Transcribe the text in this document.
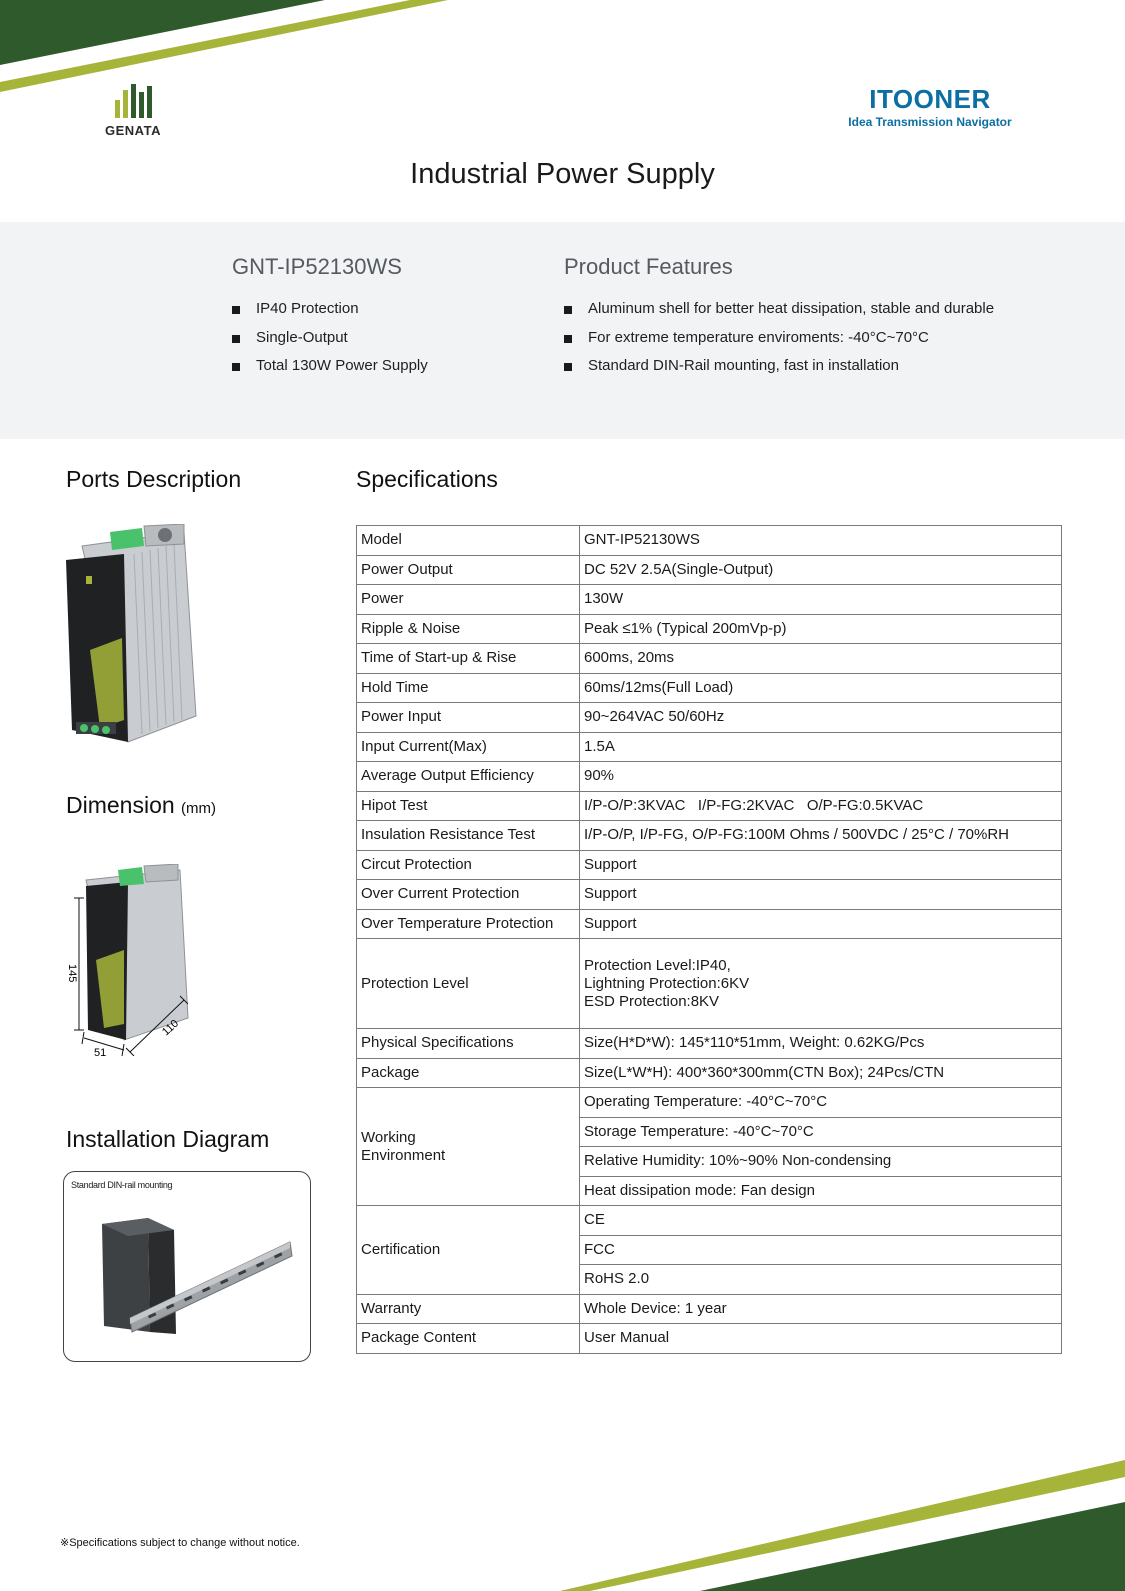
GENATA
ITOONER
Idea Transmission Navigator
Industrial Power Supply
GNT-IP52130WS
IP40 Protection
Single-Output
Total 130W Power Supply
Product Features
Aluminum shell for better heat dissipation, stable and durable
For extreme temperature enviroments: -40°C~70°C
Standard DIN-Rail mounting, fast in installation
Ports Description
Dimension (mm)
145
51
110
Installation Diagram
Standard DIN-rail mounting
Specifications
Model	GNT-IP52130WS
Power Output	DC 52V 2.5A(Single-Output)
Power	130W
Ripple & Noise	Peak ≤1% (Typical 200mVp-p)
Time of Start-up & Rise	600ms, 20ms
Hold Time	60ms/12ms(Full Load)
Power Input	90~264VAC 50/60Hz
Input Current(Max)	1.5A
Average Output Efficiency	90%
Hipot Test	I/P-O/P:3KVAC   I/P-FG:2KVAC   O/P-FG:0.5KVAC
Insulation Resistance Test	I/P-O/P, I/P-FG, O/P-FG:100M Ohms / 500VDC / 25°C / 70%RH
Circut Protection	Support
Over Current Protection	Support
Over Temperature Protection	Support
Protection Level	Protection Level:IP40,
Lightning Protection:6KV
ESD Protection:8KV

Physical Specifications	Size(H*D*W): 145*110*51mm, Weight: 0.62KG/Pcs
Package	Size(L*W*H): 400*360*300mm(CTN Box); 24Pcs/CTN

Working
Environment	Operating Temperature: -40°C~70°C
	Storage Temperature: -40°C~70°C
	Relative Humidity: 10%~90% Non-condensing
	Heat dissipation mode: Fan design
Certification	CE
	FCC
	RoHS 2.0
Warranty	Whole Device: 1 year
Package Content	User Manual
※Specifications subject to change without notice.
